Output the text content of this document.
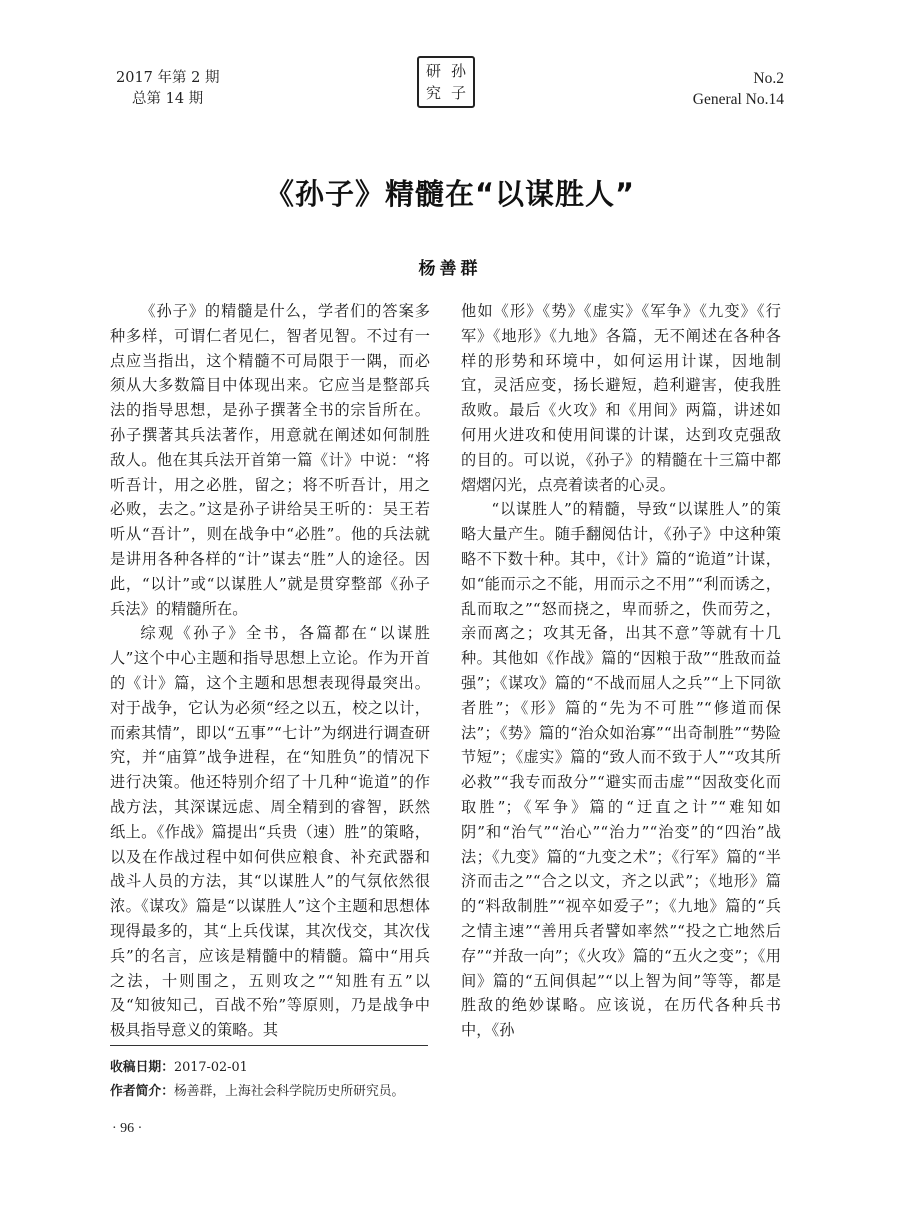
2017 年第 2 期
总第 14 期
研 孙
究 子
No.2
General No.14
《孙子》精髓在“以谋胜人”
杨善群

《孙子》的精髓是什么，学者们的答案多种多样，可谓仁者见仁，智者见智。不过有一点应当指出，这个精髓不可局限于一隅，而必须从大多数篇目中体现出来。它应当是整部兵法的指导思想，是孙子撰著全书的宗旨所在。孙子撰著其兵法著作，用意就在阐述如何制胜敌人。他在其兵法开首第一篇《计》中说：“将听吾计，用之必胜，留之；将不听吾计，用之必败，去之。”这是孙子讲给吴王听的：吴王若听从“吾计”，则在战争中“必胜”。他的兵法就是讲用各种各样的“计”谋去“胜”人的途径。因此，“以计”或“以谋胜人”就是贯穿整部《孙子兵法》的精髓所在。

综观《孙子》全书，各篇都在“以谋胜人”这个中心主题和指导思想上立论。作为开首的《计》篇，这个主题和思想表现得最突出。对于战争，它认为必须“经之以五，校之以计，而索其情”，即以“五事”“七计”为纲进行调查研究，并“庙算”战争进程，在“知胜负”的情况下进行决策。他还特别介绍了十几种“诡道”的作战方法，其深谋远虑、周全精到的睿智，跃然纸上。《作战》篇提出“兵贵（速）胜”的策略，以及在作战过程中如何供应粮食、补充武器和战斗人员的方法，其“以谋胜人”的气氛依然很浓。《谋攻》篇是“以谋胜人”这个主题和思想体现得最多的，其“上兵伐谋，其次伐交，其次伐兵”的名言，应该是精髓中的精髓。篇中“用兵之法，十则围之，五则攻之”“知胜有五”以及“知彼知己，百战不殆”等原则，乃是战争中极具指导意义的策略。其

他如《形》《势》《虚实》《军争》《九变》《行军》《地形》《九地》各篇，无不阐述在各种各样的形势和环境中，如何运用计谋，因地制宜，灵活应变，扬长避短，趋利避害，使我胜敌败。最后《火攻》和《用间》两篇，讲述如何用火进攻和使用间谍的计谋，达到攻克强敌的目的。可以说，《孙子》的精髓在十三篇中都熠熠闪光，点亮着读者的心灵。

“以谋胜人”的精髓，导致“以谋胜人”的策略大量产生。随手翻阅估计，《孙子》中这种策略不下数十种。其中，《计》篇的“诡道”计谋，如“能而示之不能，用而示之不用”“利而诱之，乱而取之”“怒而挠之，卑而骄之，佚而劳之，亲而离之；攻其无备，出其不意”等就有十几种。其他如《作战》篇的“因粮于敌”“胜敌而益强”；《谋攻》篇的“不战而屈人之兵”“上下同欲者胜”；《形》篇的“先为不可胜”“修道而保法”；《势》篇的“治众如治寡”“出奇制胜”“势险节短”；《虚实》篇的“致人而不致于人”“攻其所必救”“我专而敌分”“避实而击虚”“因敌变化而取胜”；《军争》篇的“迂直之计”“难知如阴”和“治气”“治心”“治力”“治变”的“四治”战法；《九变》篇的“九变之术”；《行军》篇的“半济而击之”“合之以文，齐之以武”；《地形》篇的“料敌制胜”“视卒如爱子”；《九地》篇的“兵之情主速”“善用兵者譬如率然”“投之亡地然后存”“并敌一向”；《火攻》篇的“五火之变”；《用间》篇的“五间俱起”“以上智为间”等等，都是胜敌的绝妙谋略。应该说，在历代各种兵书中，《孙

收稿日期：2017-02-01
作者简介：杨善群，上海社会科学院历史所研究员。
· 96 ·
